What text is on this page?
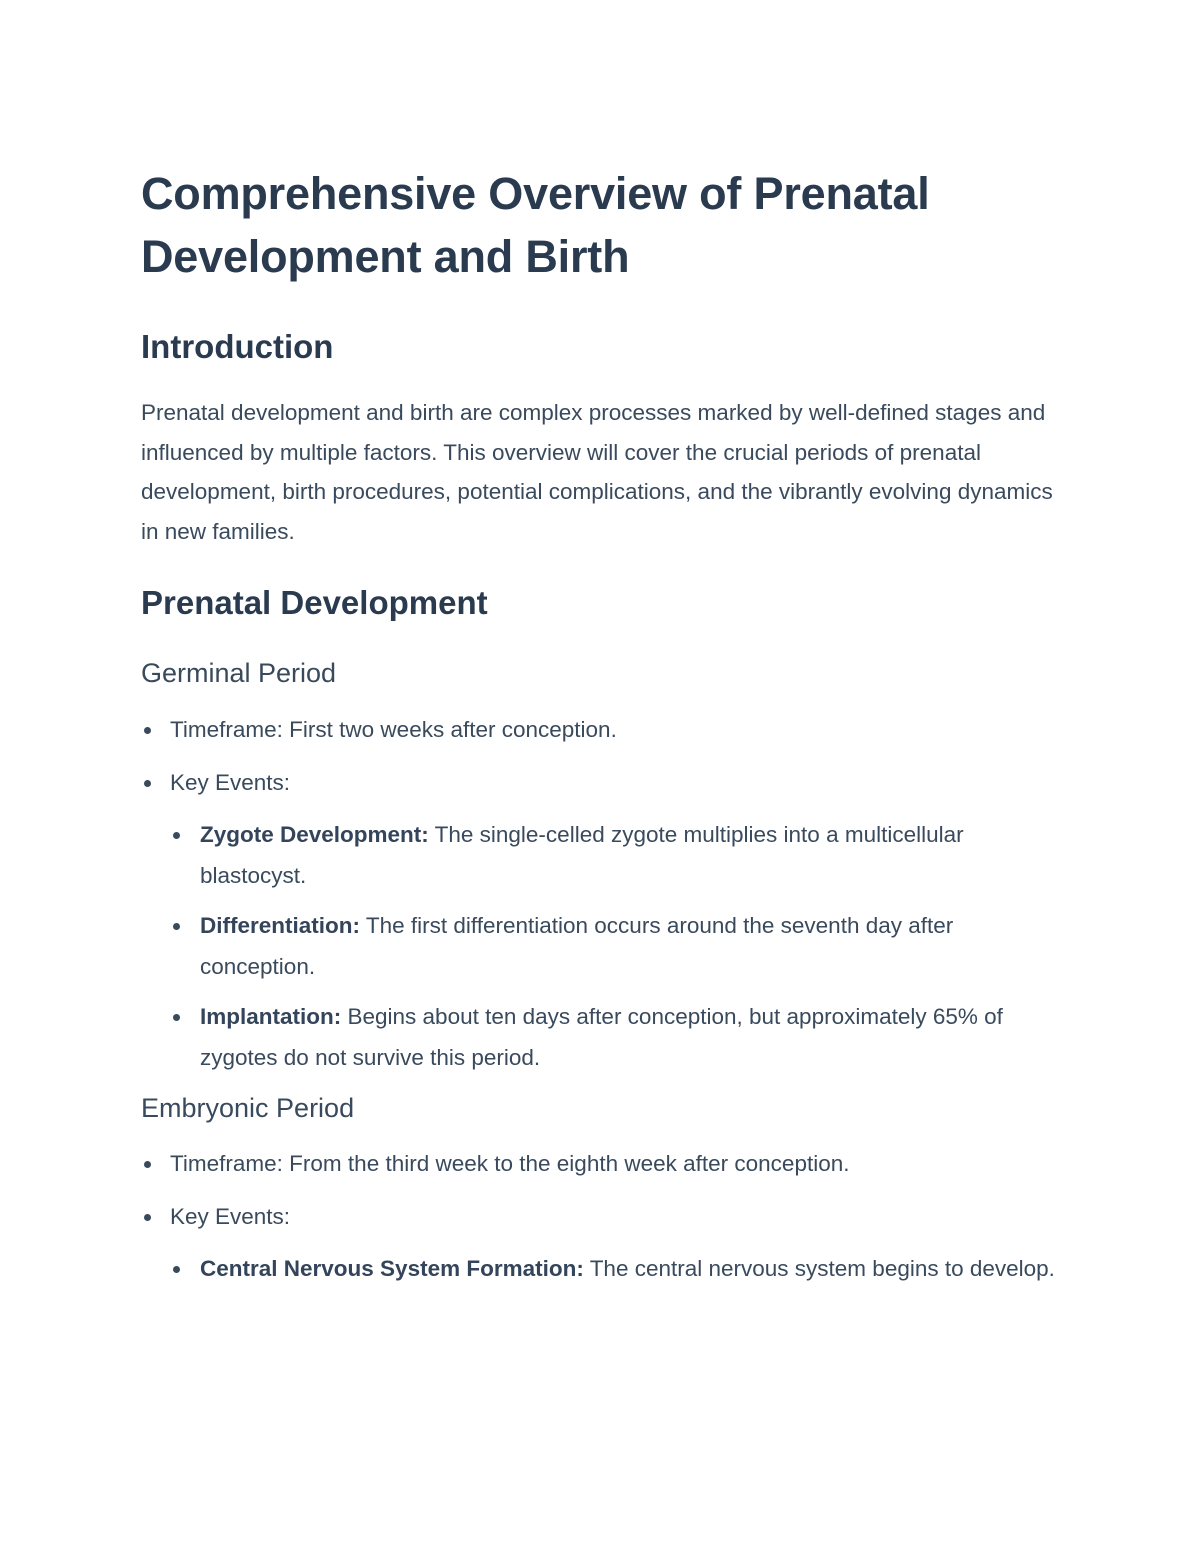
Comprehensive Overview of Prenatal Development and Birth
Introduction

Prenatal development and birth are complex processes marked by well-defined stages and influenced by multiple factors. This overview will cover the crucial periods of prenatal development, birth procedures, potential complications, and the vibrantly evolving dynamics in new families.

Prenatal Development
Germinal Period
Timeframe: First two weeks after conception.
Key Events:
Zygote Development: The single-celled zygote multiplies into a multicellular blastocyst.
Differentiation: The first differentiation occurs around the seventh day after conception.
Implantation: Begins about ten days after conception, but approximately 65% of zygotes do not survive this period.
Embryonic Period
Timeframe: From the third week to the eighth week after conception.
Key Events:
Central Nervous System Formation: The central nervous system begins to develop.
